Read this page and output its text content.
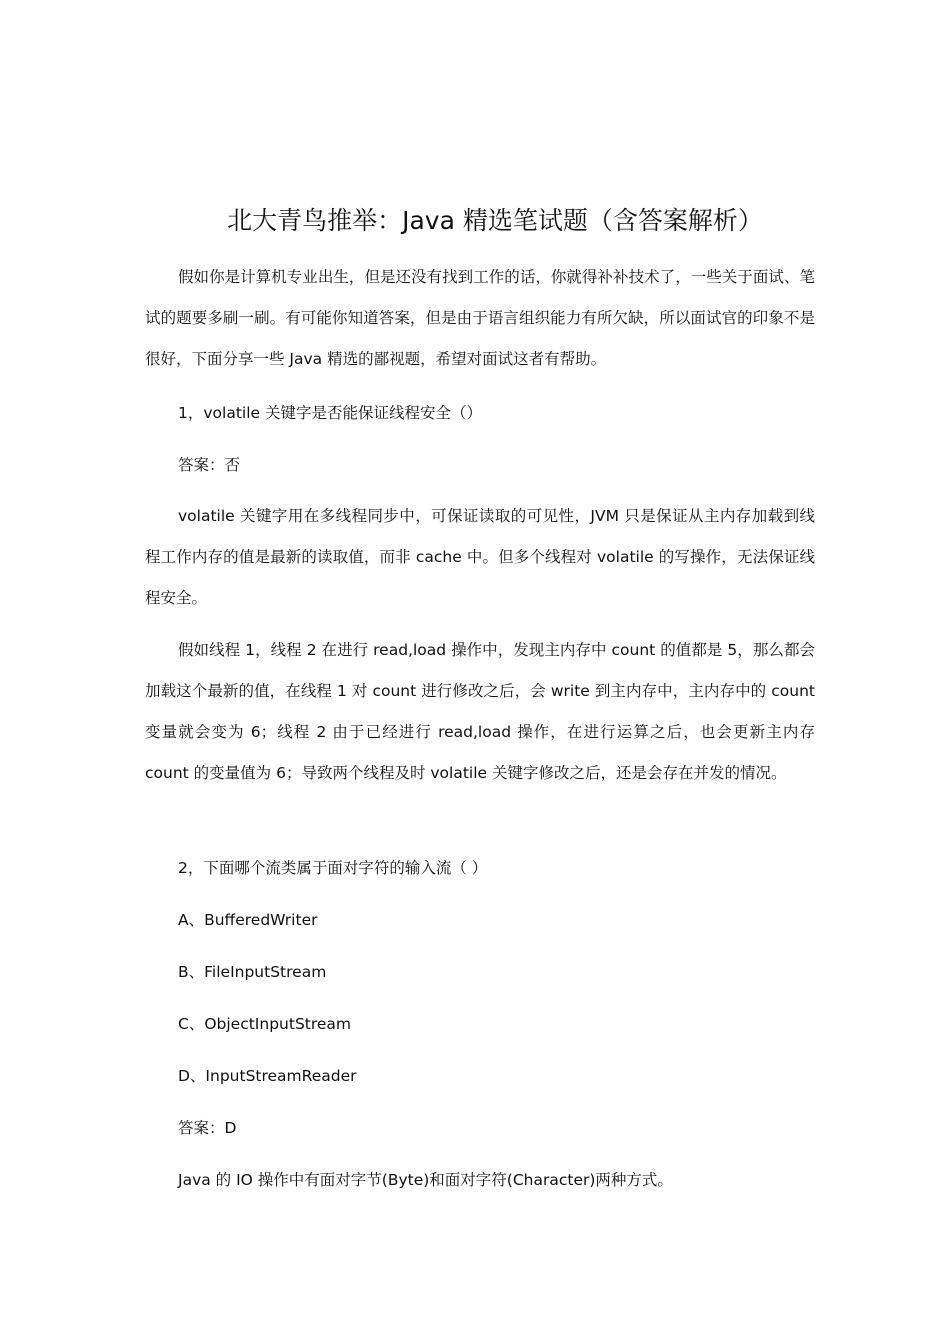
北大青鸟推举：Java 精选笔试题（含答案解析）
假如你是计算机专业出生，但是还没有找到工作的话，你就得补补技术了，一些关于面试、笔试的题要多刷一刷。有可能你知道答案，但是由于语言组织能力有所欠缺，所以面试官的印象不是很好，下面分享一些 Java 精选的鄙视题，希望对面试这者有帮助。
1，volatile 关键字是否能保证线程安全（）
答案：否
volatile 关键字用在多线程同步中，可保证读取的可见性，JVM 只是保证从主内存加载到线程工作内存的值是最新的读取值，而非 cache 中。但多个线程对 volatile 的写操作，无法保证线程安全。
假如线程 1，线程 2 在进行 read,load 操作中，发现主内存中 count 的值都是 5，那么都会加载这个最新的值，在线程 1 对 count 进行修改之后，会 write 到主内存中，主内存中的 count 变量就会变为 6；线程 2 由于已经进行 read,load 操作，在进行运算之后，也会更新主内存 count 的变量值为 6；导致两个线程及时 volatile 关键字修改之后，还是会存在并发的情况。
2，下面哪个流类属于面对字符的输入流（ ）
A、BufferedWriter
B、FileInputStream
C、ObjectInputStream
D、InputStreamReader
答案：D
Java 的 IO 操作中有面对字节(Byte)和面对字符(Character)两种方式。
